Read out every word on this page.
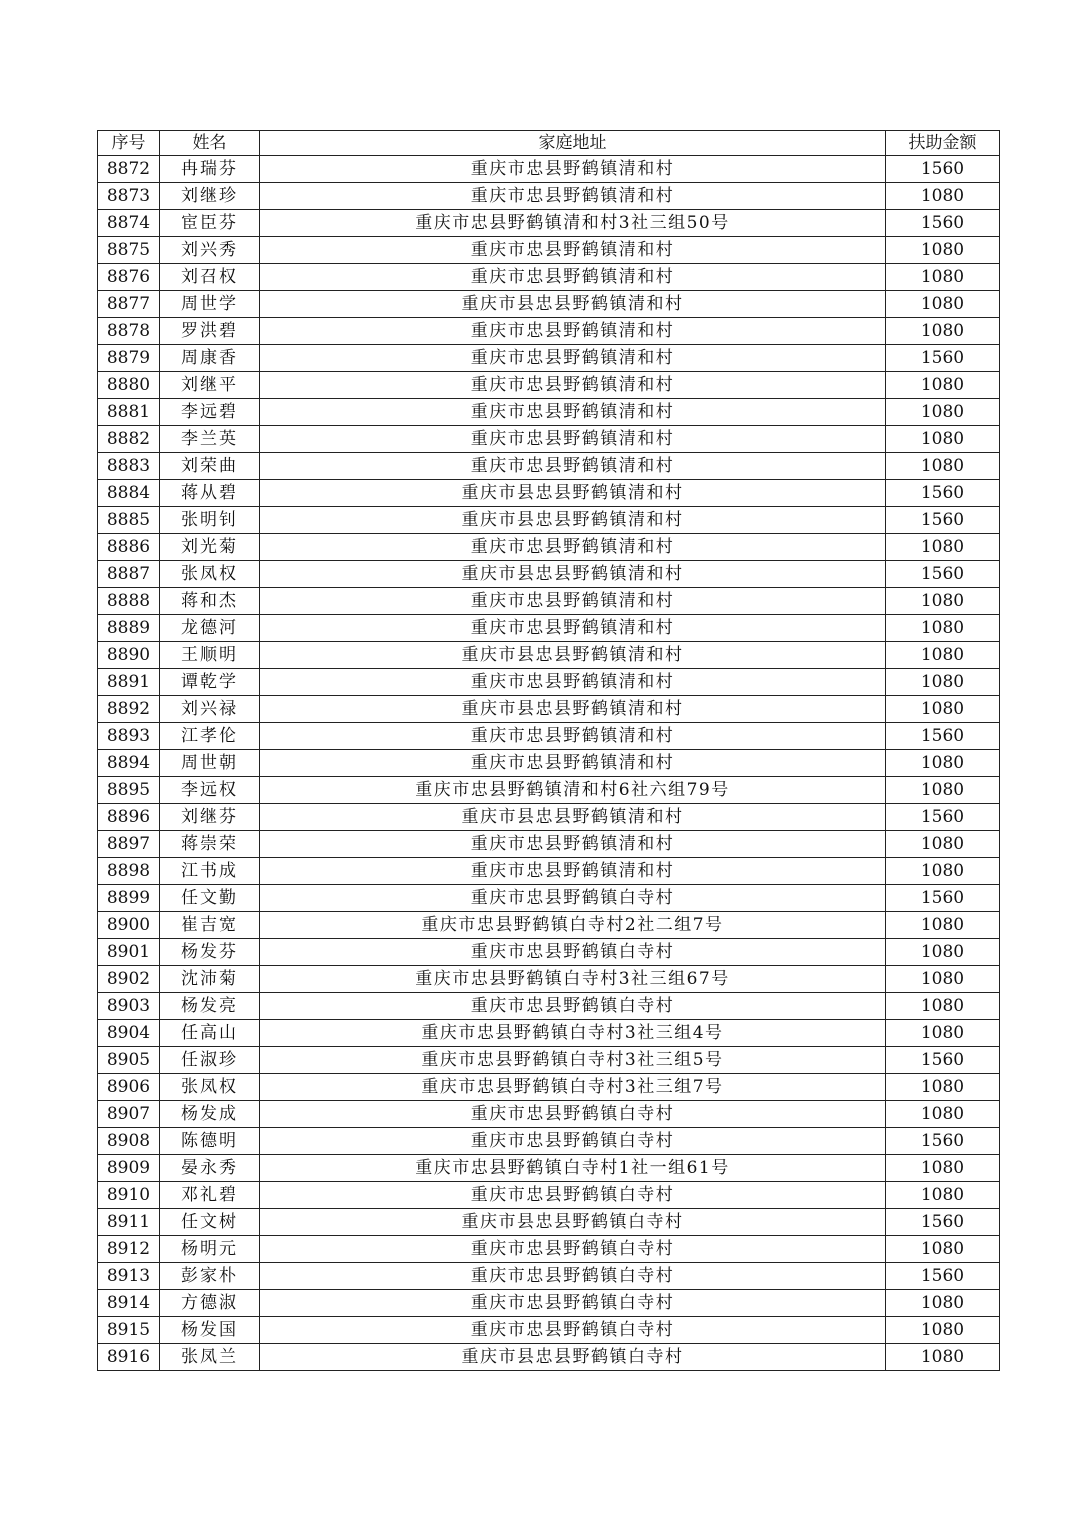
序号	姓名	家庭地址	扶助金额
8872	冉瑞芬	重庆市忠县野鹤镇清和村	1560
8873	刘继珍	重庆市忠县野鹤镇清和村	1080
8874	宦臣芬	重庆市忠县野鹤镇清和村3社三组50号	1560
8875	刘兴秀	重庆市忠县野鹤镇清和村	1080
8876	刘召权	重庆市忠县野鹤镇清和村	1080
8877	周世学	重庆市县忠县野鹤镇清和村	1080
8878	罗洪碧	重庆市忠县野鹤镇清和村	1080
8879	周康香	重庆市忠县野鹤镇清和村	1560
8880	刘继平	重庆市忠县野鹤镇清和村	1080
8881	李远碧	重庆市忠县野鹤镇清和村	1080
8882	李兰英	重庆市忠县野鹤镇清和村	1080
8883	刘荣曲	重庆市忠县野鹤镇清和村	1080
8884	蒋从碧	重庆市县忠县野鹤镇清和村	1560
8885	张明钊	重庆市县忠县野鹤镇清和村	1560
8886	刘光菊	重庆市忠县野鹤镇清和村	1080
8887	张凤权	重庆市县忠县野鹤镇清和村	1560
8888	蒋和杰	重庆市忠县野鹤镇清和村	1080
8889	龙德河	重庆市忠县野鹤镇清和村	1080
8890	王顺明	重庆市县忠县野鹤镇清和村	1080
8891	谭乾学	重庆市忠县野鹤镇清和村	1080
8892	刘兴禄	重庆市县忠县野鹤镇清和村	1080
8893	江孝伦	重庆市忠县野鹤镇清和村	1560
8894	周世朝	重庆市忠县野鹤镇清和村	1080
8895	李远权	重庆市忠县野鹤镇清和村6社六组79号	1080
8896	刘继芬	重庆市县忠县野鹤镇清和村	1560
8897	蒋崇荣	重庆市忠县野鹤镇清和村	1080
8898	江书成	重庆市忠县野鹤镇清和村	1080
8899	任文勤	重庆市忠县野鹤镇白寺村	1560
8900	崔吉宽	重庆市忠县野鹤镇白寺村2社二组7号	1080
8901	杨发芬	重庆市忠县野鹤镇白寺村	1080
8902	沈沛菊	重庆市忠县野鹤镇白寺村3社三组67号	1080
8903	杨发亮	重庆市忠县野鹤镇白寺村	1080
8904	任高山	重庆市忠县野鹤镇白寺村3社三组4号	1080
8905	任淑珍	重庆市忠县野鹤镇白寺村3社三组5号	1560
8906	张凤权	重庆市忠县野鹤镇白寺村3社三组7号	1080
8907	杨发成	重庆市忠县野鹤镇白寺村	1080
8908	陈德明	重庆市忠县野鹤镇白寺村	1560
8909	晏永秀	重庆市忠县野鹤镇白寺村1社一组61号	1080
8910	邓礼碧	重庆市忠县野鹤镇白寺村	1080
8911	任文树	重庆市县忠县野鹤镇白寺村	1560
8912	杨明元	重庆市忠县野鹤镇白寺村	1080
8913	彭家朴	重庆市忠县野鹤镇白寺村	1560
8914	方德淑	重庆市忠县野鹤镇白寺村	1080
8915	杨发国	重庆市忠县野鹤镇白寺村	1080
8916	张凤兰	重庆市县忠县野鹤镇白寺村	1080
